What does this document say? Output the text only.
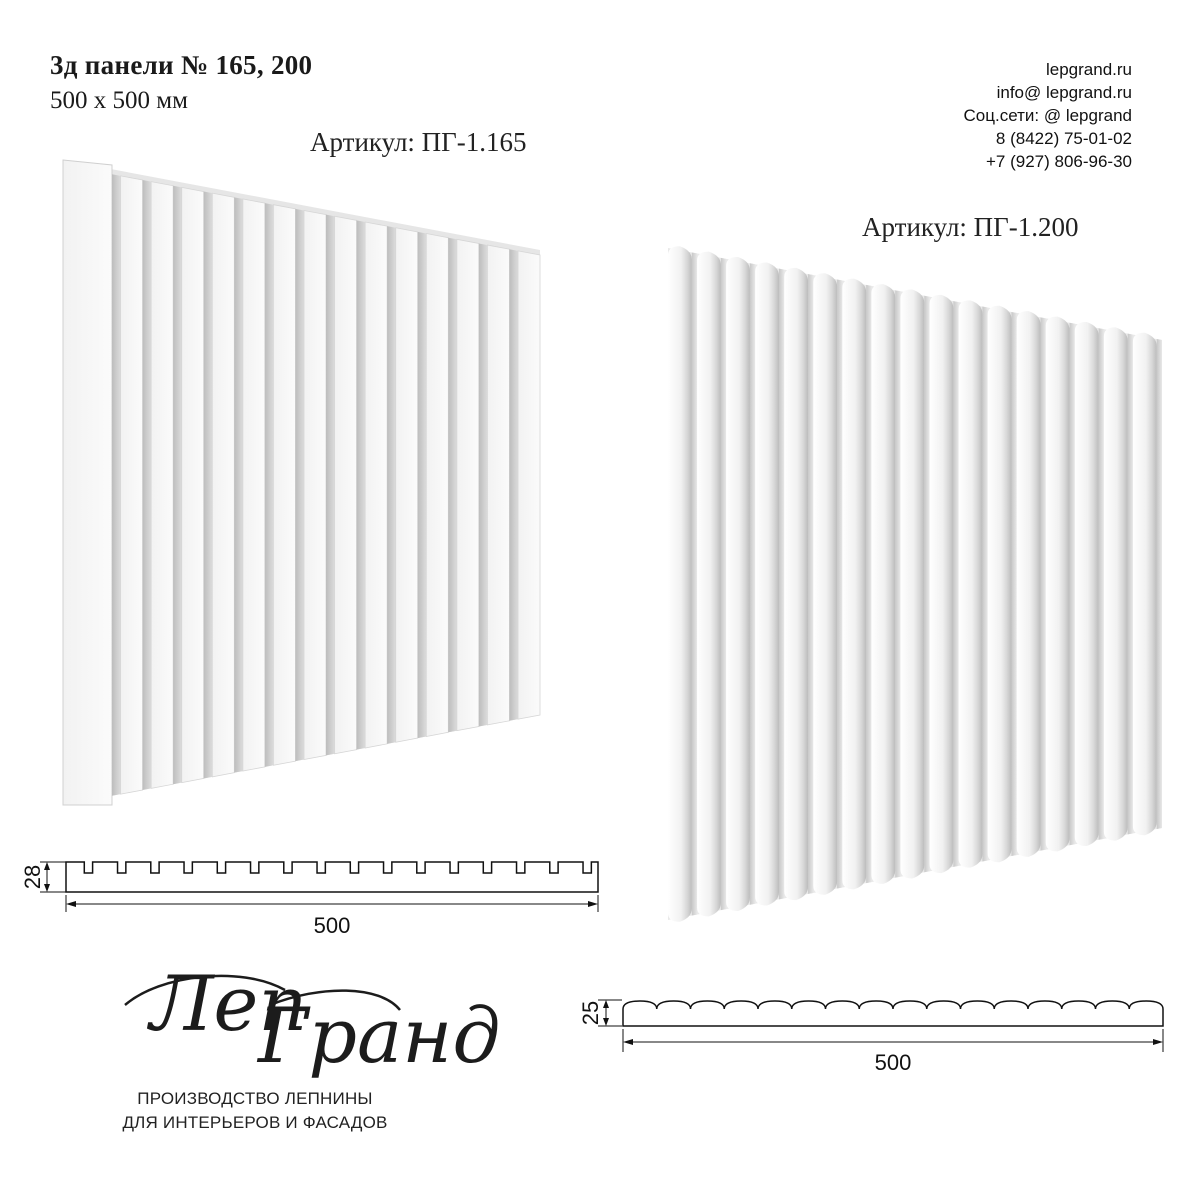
3д панели № 165, 200
500 х 500 мм
lepgrand.ru
info@ lepgrand.ru
Соц.сети: @ lepgrand
8 (8422) 75-01-02
+7 (927) 806-96-30
Артикул: ПГ-1.165
Артикул: ПГ-1.200
28
500
25
500
Леп
Гранд
ПРОИЗВОДСТВО ЛЕПНИНЫ
ДЛЯ ИНТЕРЬЕРОВ И ФАСАДОВ
